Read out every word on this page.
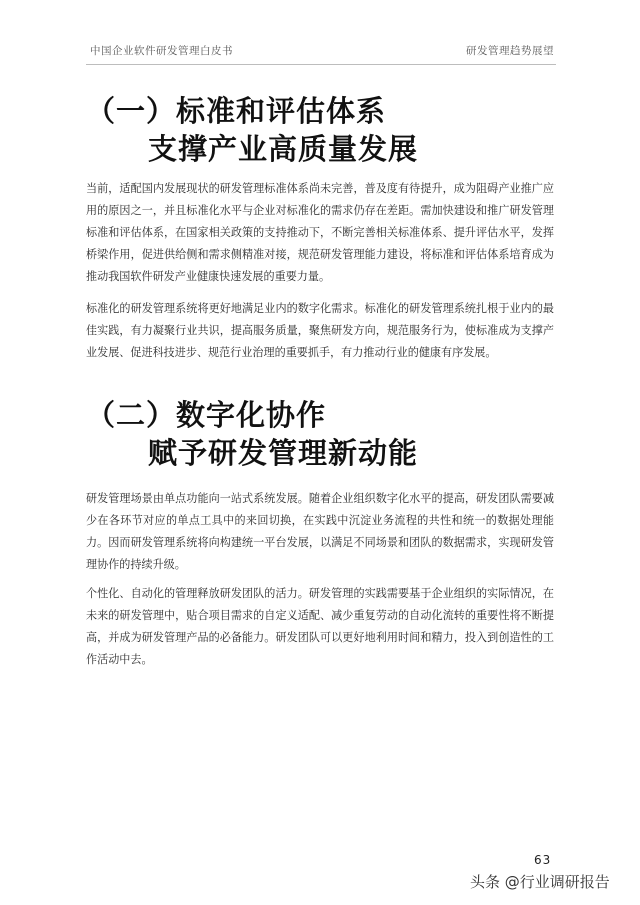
中国企业软件研发管理白皮书	研发管理趋势展望
（一）标准和评估体系
支撑产业高质量发展

当前，适配国内发展现状的研发管理标准体系尚未完善，普及度有待提升，成为阻碍产业推广应用的原因之一，并且标准化水平与企业对标准化的需求仍存在差距。需加快建设和推广研发管理标准和评估体系，在国家相关政策的支持推动下，不断完善相关标准体系、提升评估水平，发挥桥梁作用，促进供给侧和需求侧精准对接，规范研发管理能力建设，将标准和评估体系培育成为推动我国软件研发产业健康快速发展的重要力量。

标准化的研发管理系统将更好地满足业内的数字化需求。标准化的研发管理系统扎根于业内的最佳实践，有力凝聚行业共识，提高服务质量，聚焦研发方向，规范服务行为，使标准成为支撑产业发展、促进科技进步、规范行业治理的重要抓手，有力推动行业的健康有序发展。

（二）数字化协作
赋予研发管理新动能

研发管理场景由单点功能向一站式系统发展。随着企业组织数字化水平的提高，研发团队需要减少在各环节对应的单点工具中的来回切换，在实践中沉淀业务流程的共性和统一的数据处理能力。因而研发管理系统将向构建统一平台发展，以满足不同场景和团队的数据需求，实现研发管理协作的持续升级。

个性化、自动化的管理释放研发团队的活力。研发管理的实践需要基于企业组织的实际情况，在未来的研发管理中，贴合项目需求的自定义适配、减少重复劳动的自动化流转的重要性将不断提高，并成为研发管理产品的必备能力。研发团队可以更好地利用时间和精力，投入到创造性的工作活动中去。

63
头条 @行业调研报告
